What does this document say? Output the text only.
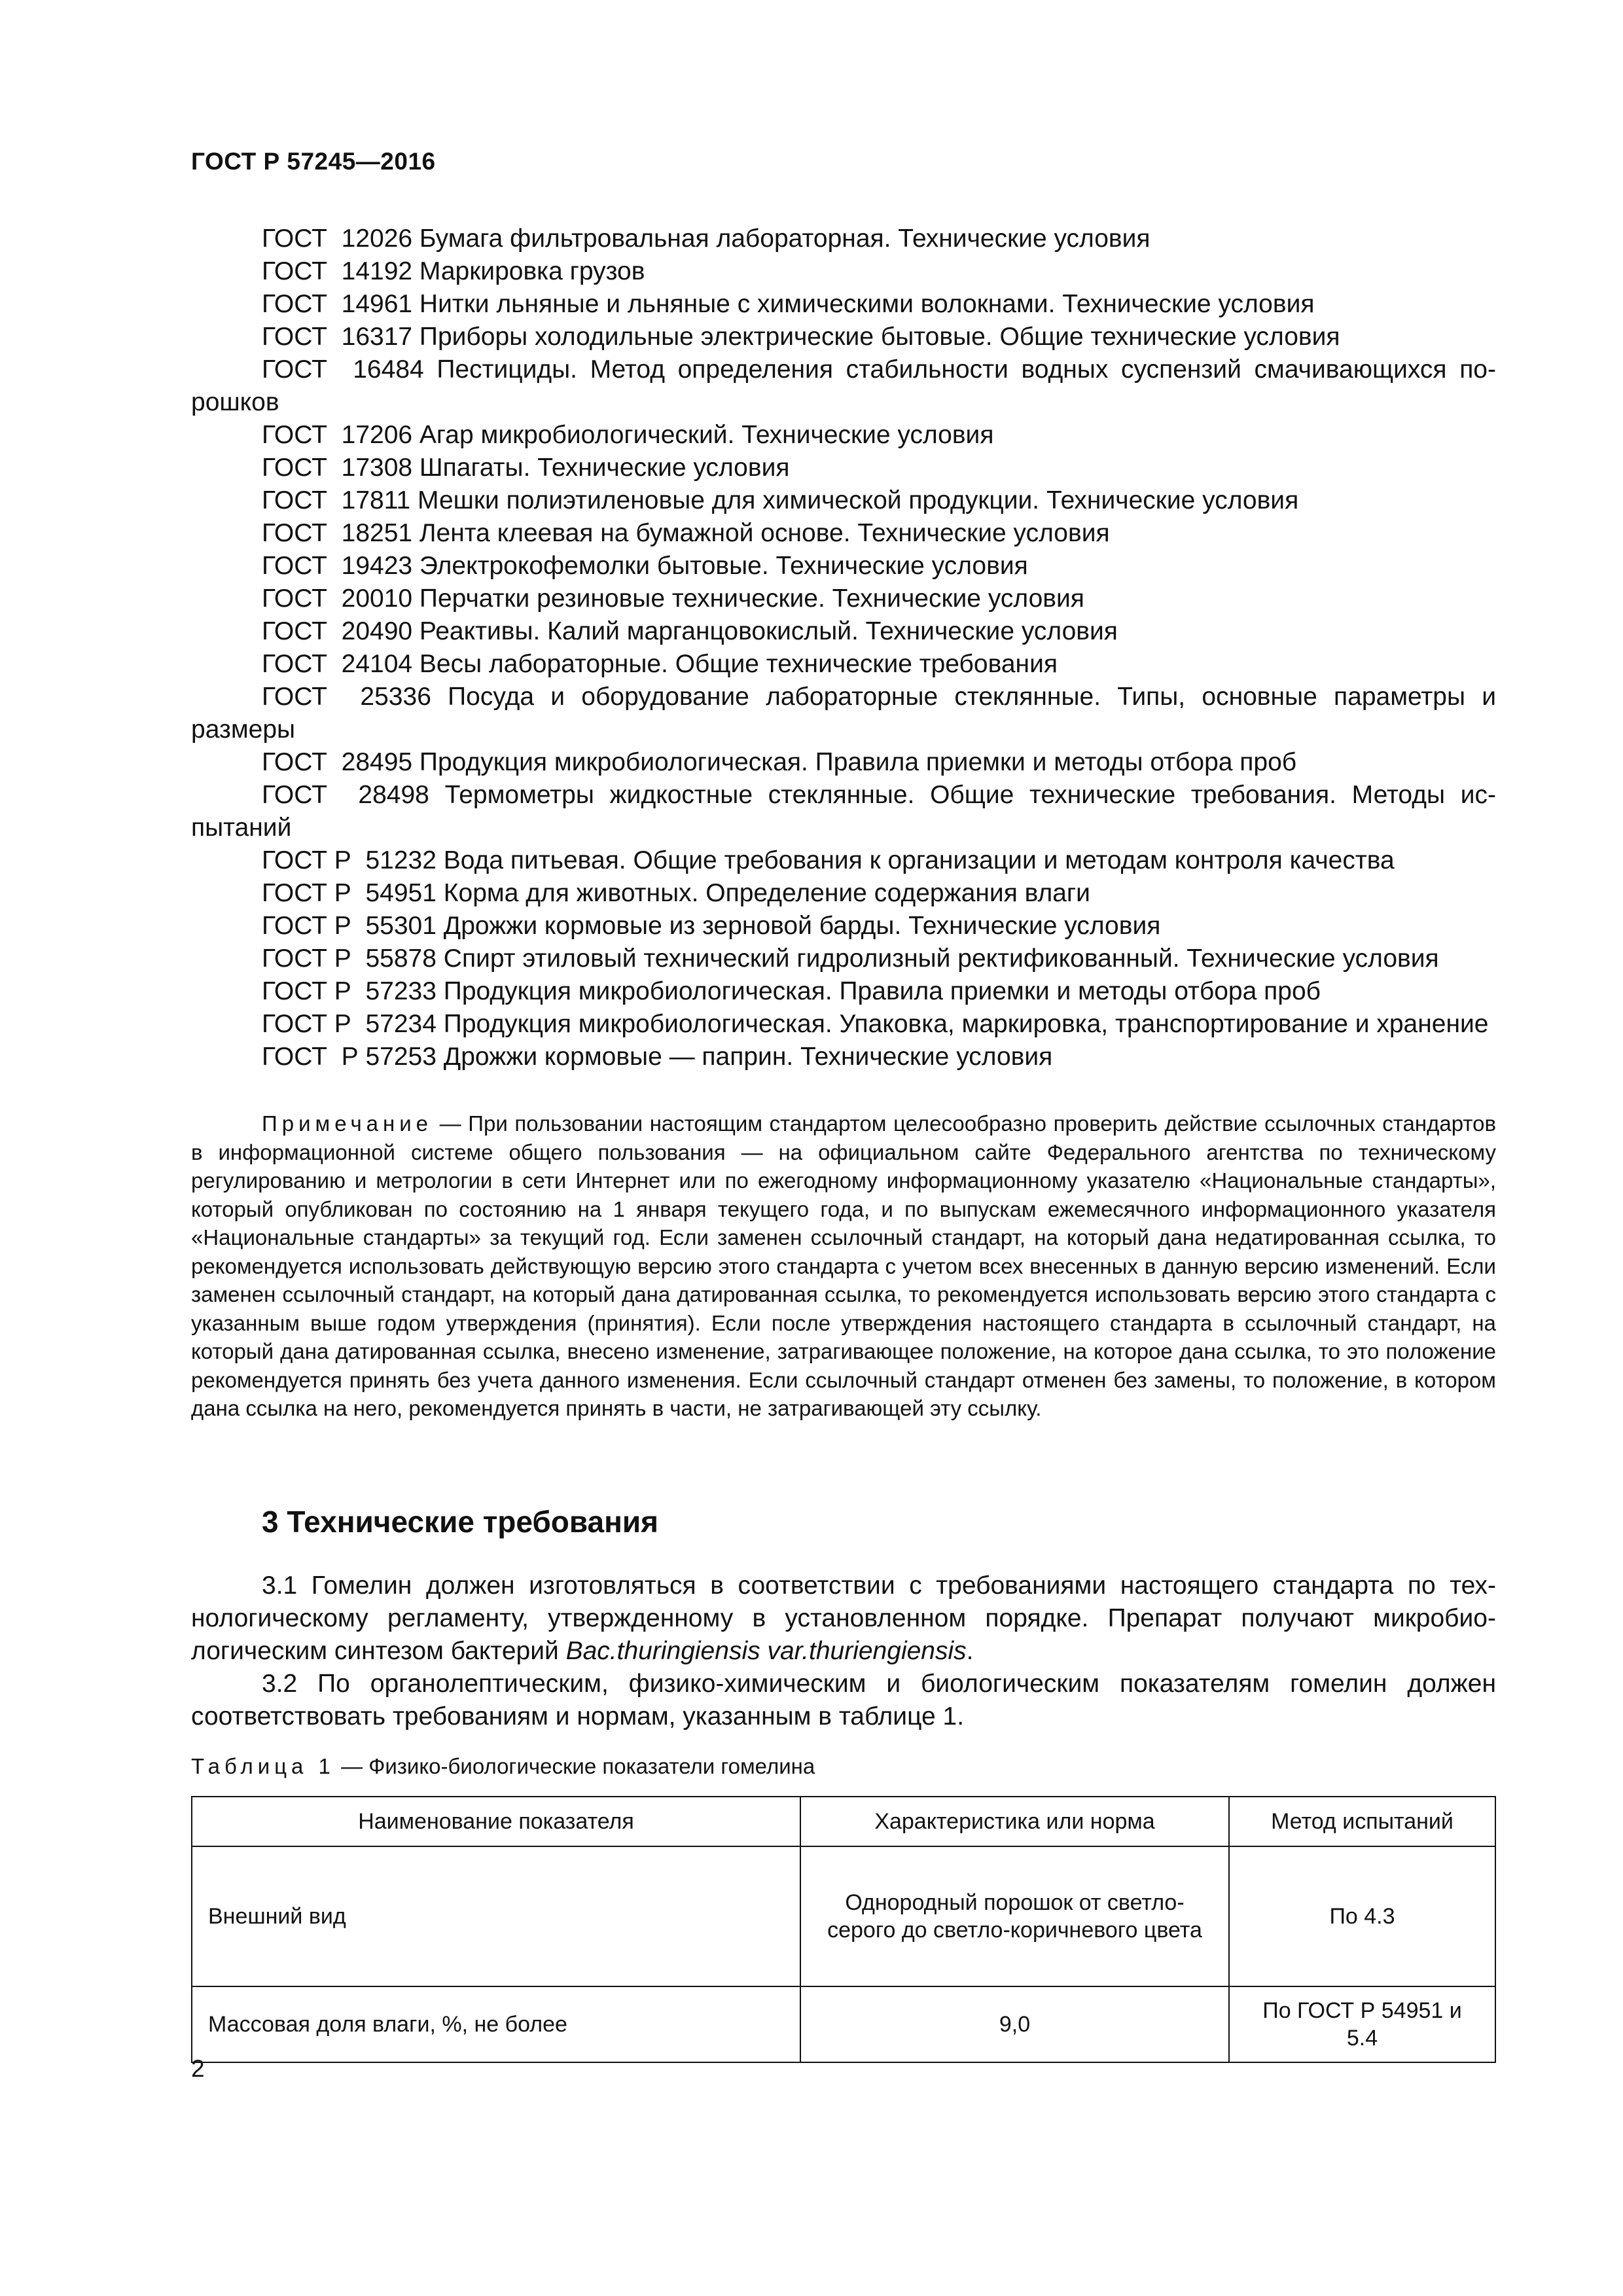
ГОСТ Р 57245—2016

ГОСТ  12026 Бумага фильтровальная лабораторная. Технические условия

ГОСТ  14192 Маркировка грузов

ГОСТ  14961 Нитки льняные и льняные с химическими волокнами. Технические условия

ГОСТ  16317 Приборы холодильные электрические бытовые. Общие технические условия

ГОСТ  16484 Пестициды. Метод определения стабильности водных суспензий смачивающихся порошков

ГОСТ  17206 Агар микробиологический. Технические условия

ГОСТ  17308 Шпагаты. Технические условия

ГОСТ  17811 Мешки полиэтиленовые для химической продукции. Технические условия

ГОСТ  18251 Лента клеевая на бумажной основе. Технические условия

ГОСТ  19423 Электрокофемолки бытовые. Технические условия

ГОСТ  20010 Перчатки резиновые технические. Технические условия

ГОСТ  20490 Реактивы. Калий марганцовокислый. Технические условия

ГОСТ  24104 Весы лабораторные. Общие технические требования

ГОСТ  25336 Посуда и оборудование лабораторные стеклянные. Типы, основные параметры и размеры

ГОСТ  28495 Продукция микробиологическая. Правила приемки и методы отбора проб

ГОСТ  28498 Термометры жидкостные стеклянные. Общие технические требования. Методы испытаний

ГОСТ Р  51232 Вода питьевая. Общие требования к организации и методам контроля качества

ГОСТ Р  54951 Корма для животных. Определение содержания влаги

ГОСТ Р  55301 Дрожжи кормовые из зерновой барды. Технические условия

ГОСТ Р  55878 Спирт этиловый технический гидролизный ректификованный. Технические условия

ГОСТ Р  57233 Продукция микробиологическая. Правила приемки и методы отбора проб

ГОСТ Р  57234 Продукция микробиологическая. Упаковка, маркировка, транспортирование и хранение

ГОСТ  Р 57253 Дрожжи кормовые — паприн. Технические условия

Примечание — При пользовании настоящим стандартом целесообразно проверить действие ссылочных стандартов в информационной системе общего пользования — на официальном сайте Федерального агентства по техническому регулированию и метрологии в сети Интернет или по ежегодному информационному указателю «Национальные стандарты», который опубликован по состоянию на 1 января текущего года, и по выпускам ежемесячного информационного указателя «Национальные стандарты» за текущий год. Если заменен ссылочный стандарт, на который дана недатированная ссылка, то рекомендуется использовать действующую версию этого стандарта с учетом всех внесенных в данную версию изменений. Если заменен ссылочный стандарт, на который дана датированная ссылка, то рекомендуется использовать версию этого стандарта с указанным выше годом утверждения (принятия). Если после утверждения настоящего стандарта в ссылочный стандарт, на который дана датированная ссылка, внесено изменение, затрагивающее положение, на которое дана ссылка, то это положение рекомендуется принять без учета данного изменения. Если ссылочный стандарт отменен без замены, то положение, в котором дана ссылка на него, рекомендуется принять в части, не затрагивающей эту ссылку.

3 Технические требования

3.1 Гомелин должен изготовляться в соответствии с требованиями настоящего стандарта по технологическому регламенту, утвержденному в установленном порядке. Препарат получают микробиологическим синтезом бактерий Bac.thuringiensis var.thuriengiensis.

3.2 По органолептическим, физико-химическим и биологическим показателям гомелин должен соответствовать требованиям и нормам, указанным в таблице 1.

Таблица 1 — Физико-биологические показатели гомелина

Наименование показателя	Характеристика или норма	Метод испытаний
Внешний вид	Однородный порошок от светло-серого до светло-коричневого цвета	По 4.3
Массовая доля влаги, %, не более	9,0	По ГОСТ Р 54951 и 5.4
2
